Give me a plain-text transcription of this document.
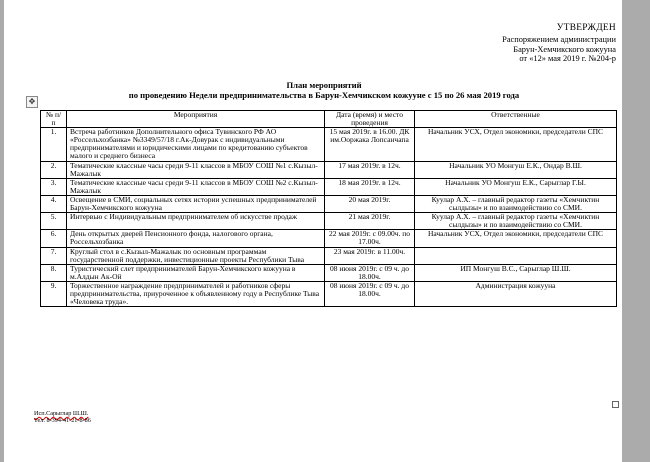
УТВЕРЖДЕН
Распоряжением администрации
Барун-Хемчикского кожууна
от «12» мая 2019 г. №204-р
План мероприятий
по проведению Недели предпринимательства в Барун-Хемчикском кожууне с 15 по 26 мая 2019 года
✥
№ п/п	Мероприятия	Дата (время) и место проведения	Ответственные
1.	Встреча работников Дополнительного офиса Тувинского РФ АО «Россельхозбанка» №3349/57/18 г.Ак-Довурак с индивидуальными предпринимателями и юридическими лицами по кредитованию субъектов малого и среднего бизнеса	15 мая 2019г. в 16.00. ДК им.Ооржака Лопсанчапа	Начальник УСХ, Отдел экономики, председатели СПС
2.	Тематические классные часы среди 9-11 классов в МБОУ СОШ №1 с.Кызыл-Мажалык	17 мая 2019г. в 12ч.	Начальник УО Монгуш Е.К., Ондар В.Ш.
3.	Тематические классные часы среди 9-11 классов в МБОУ СОШ №2 с.Кызыл-Мажалык	18 мая 2019г. в 12ч.	Начальник УО Монгуш Е.К., Сарыглар Г.Ы.
4.	Освещение в СМИ, социальных сетях истории успешных предпринимателей Барун-Хемчикского кожууна	20 мая 2019г.	Куулар А.Х. – главный редактор газеты «Хемчиктин сылдызы» и по взаимодействию со СМИ.
5.	Интервью с Индивидуальным предпринимателем об искусстве продаж	21 мая 2019г.	Куулар А.Х. – главный редактор газеты «Хемчиктин сылдызы» и по взаимодействию со СМИ.
6.	День открытых дверей Пенсионного фонда, налогового органа, Россельхозбанка	22 мая 2019г. с 09.00ч. по 17.00ч.	Начальник УСХ, Отдел экономики, председатели СПС
7.	Круглый стол в с.Кызыл-Мажалык по основным программам государственной поддержки, инвестиционные проекты Республики Тыва	23 мая 2019г. в 11.00ч.	
8.	Туристический слет предпринимателей Барун-Хемчикского кожууна в м.Алдын Ак-Ой	08 июня 2019г. с 09 ч. до 18.00ч.	ИП Монгуш В.С., Сарыглар Ш.Ш.
9.	Торжественное награждение предпринимателей и работников сферы предпринимательства, приуроченное к объявленному году в Республике Тыва «Человека труда».	08 июня 2019г. с 09 ч. до 18.00ч.	Администрация кожууна
Исп.Сарыглар Ш.Ш.
Тел. 8-394-41-21-8-86
